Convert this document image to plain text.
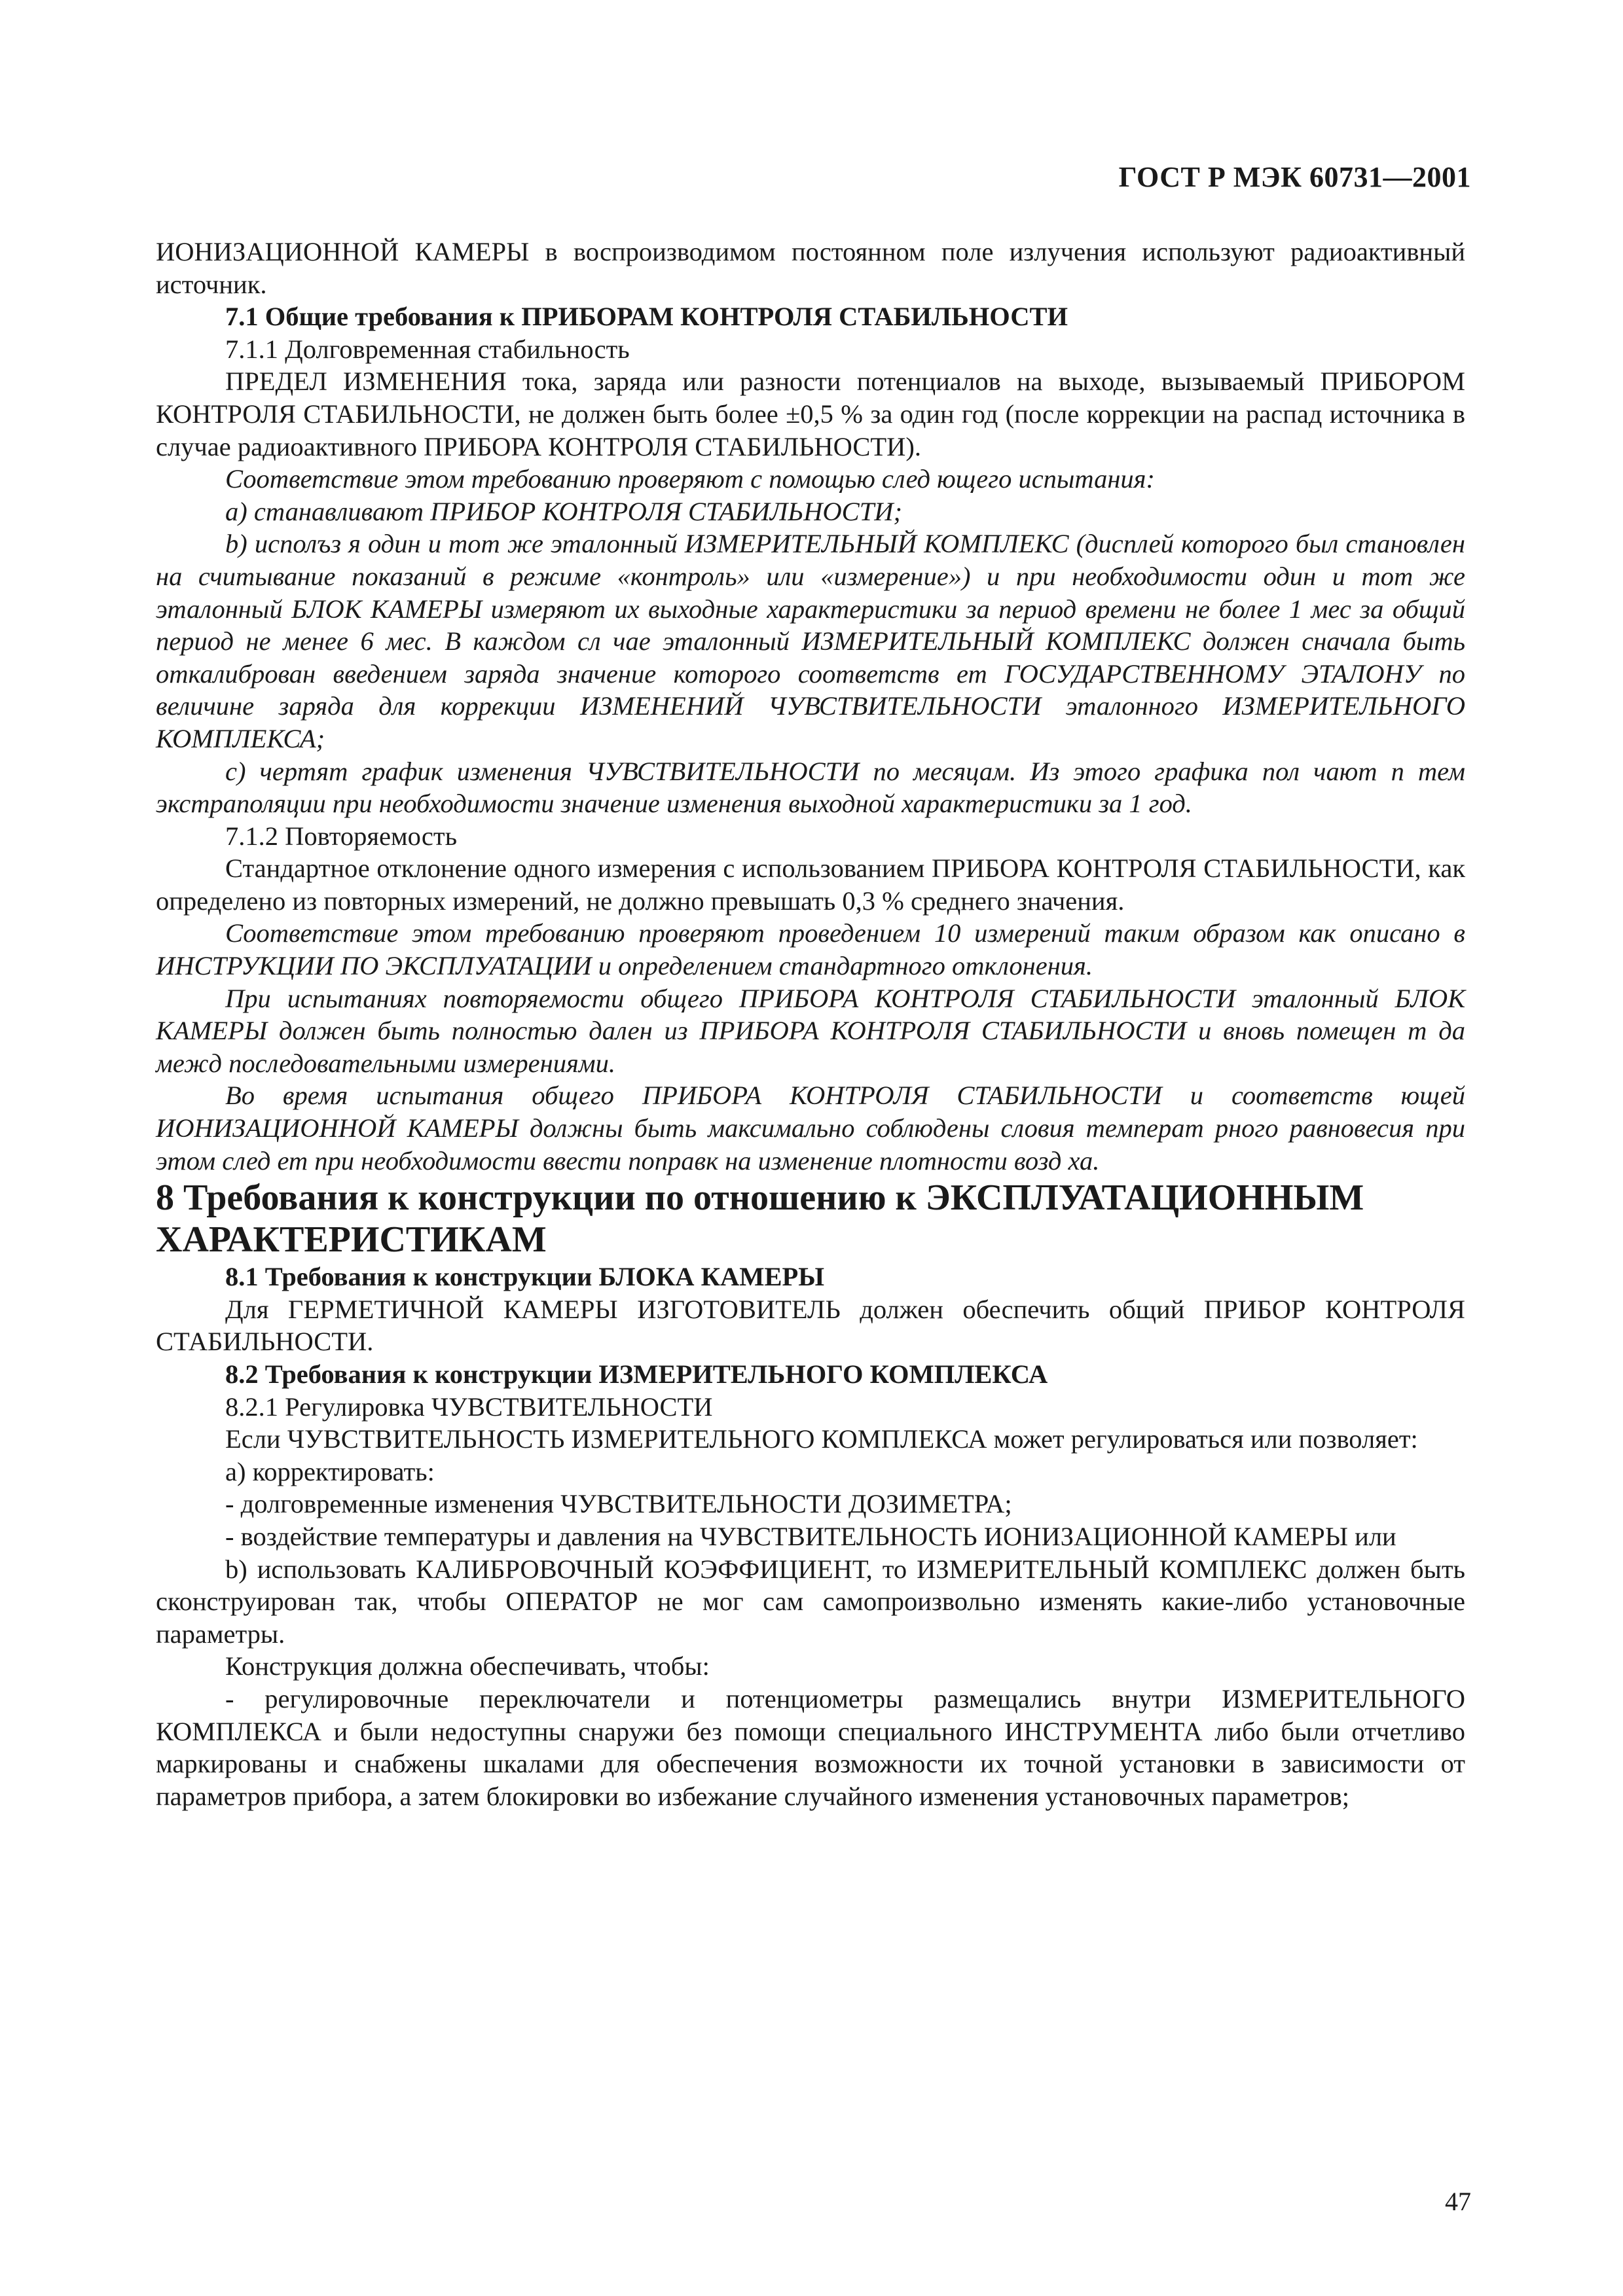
ГОСТ Р МЭК 60731—2001

ИОНИЗАЦИОННОЙ КАМЕРЫ в воспроизводимом постоянном поле излучения используют радиоактивный источник.

7.1 Общие требования к ПРИБОРАМ КОНТРОЛЯ СТАБИЛЬНОСТИ

7.1.1 Долговременная стабильность

ПРЕДЕЛ ИЗМЕНЕНИЯ тока, заряда или разности потенциалов на выходе, вызываемый ПРИБОРОМ КОНТРОЛЯ СТАБИЛЬНОСТИ, не должен быть более ±0,5 % за один год (после коррекции на распад источника в случае радиоактивного ПРИБОРА КОНТРОЛЯ СТАБИЛЬНОСТИ).

Соответствие этом требованию проверяют с помощью след ющего испытания:

а) станавливают ПРИБОР КОНТРОЛЯ СТАБИЛЬНОСТИ;

b) исполъз я один и тот же эталонный ИЗМЕРИТЕЛЬНЫЙ КОМПЛЕКС (дисплей которого был становлен на считывание показаний в режиме «контроль» или «измерение») и при необходимости один и тот же эталонный БЛОК КАМЕРЫ измеряют их выходные характеристики за период времени не более 1 мес за общий период не менее 6 мес. В каждом сл чае эталонный ИЗМЕРИТЕЛЬНЫЙ КОМПЛЕКС должен сначала быть откалиброван введением заряда значение которого соответств ет ГОСУДАРСТВЕННОМУ ЭТАЛОНУ по величине заряда для коррекции ИЗМЕНЕНИЙ ЧУВСТВИТЕЛЬНОСТИ эталонного ИЗМЕРИТЕЛЬНОГО КОМПЛЕКСА;

с) чертят график изменения ЧУВСТВИТЕЛЬНОСТИ по месяцам. Из этого графика пол чают п тем экстраполяции при необходимости значение изменения выходной характеристики за 1 год.

7.1.2 Повторяемость

Стандартное отклонение одного измерения с использованием ПРИБОРА КОНТРОЛЯ СТАБИЛЬНОСТИ, как определено из повторных измерений, не должно превышать 0,3 % среднего значения.

Соответствие этом требованию проверяют проведением 10 измерений таким образом как описано в ИНСТРУКЦИИ ПО ЭКСПЛУАТАЦИИ и определением стандартного отклонения.

При испытаниях повторяемости общего ПРИБОРА КОНТРОЛЯ СТАБИЛЬНОСТИ эталонный БЛОК КАМЕРЫ должен быть полностью дален из ПРИБОРА КОНТРОЛЯ СТАБИЛЬНОСТИ и вновь помещен т да межд последовательными измерениями.

Во время испытания общего ПРИБОРА КОНТРОЛЯ СТАБИЛЬНОСТИ и соответств ющей ИОНИЗАЦИОННОЙ КАМЕРЫ должны быть максимально соблюдены словия температ рного равновесия при этом след ет при необходимости ввести поправк на изменение плотности возд ха.

8 Требования к конструкции по отношению к ЭКСПЛУАТАЦИОННЫМ ХАРАКТЕРИСТИКАМ

8.1 Требования к конструкции БЛОКА КАМЕРЫ

Для ГЕРМЕТИЧНОЙ КАМЕРЫ ИЗГОТОВИТЕЛЬ должен обеспечить общий ПРИБОР КОНТРОЛЯ СТАБИЛЬНОСТИ.

8.2 Требования к конструкции ИЗМЕРИТЕЛЬНОГО КОМПЛЕКСА

8.2.1 Регулировка ЧУВСТВИТЕЛЬНОСТИ

Если ЧУВСТВИТЕЛЬНОСТЬ ИЗМЕРИТЕЛЬНОГО КОМПЛЕКСА может регулироваться или позволяет:

а) корректировать:

- долговременные изменения ЧУВСТВИТЕЛЬНОСТИ ДОЗИМЕТРА;

- воздействие температуры и давления на ЧУВСТВИТЕЛЬНОСТЬ ИОНИЗАЦИОННОЙ КАМЕРЫ или

b) использовать КАЛИБРОВОЧНЫЙ КОЭФФИЦИЕНТ, то ИЗМЕРИТЕЛЬНЫЙ КОМПЛЕКС должен быть сконструирован так, чтобы ОПЕРАТОР не мог сам самопроизвольно изменять какие-либо установочные параметры.

Конструкция должна обеспечивать, чтобы:

- регулировочные переключатели и потенциометры размещались внутри ИЗМЕРИТЕЛЬНОГО КОМПЛЕКСА и были недоступны снаружи без помощи специального ИНСТРУМЕНТА либо были отчетливо маркированы и снабжены шкалами для обеспечения возможности их точной установки в зависимости от параметров прибора, а затем блокировки во избежание случайного изменения установочных параметров;

47
